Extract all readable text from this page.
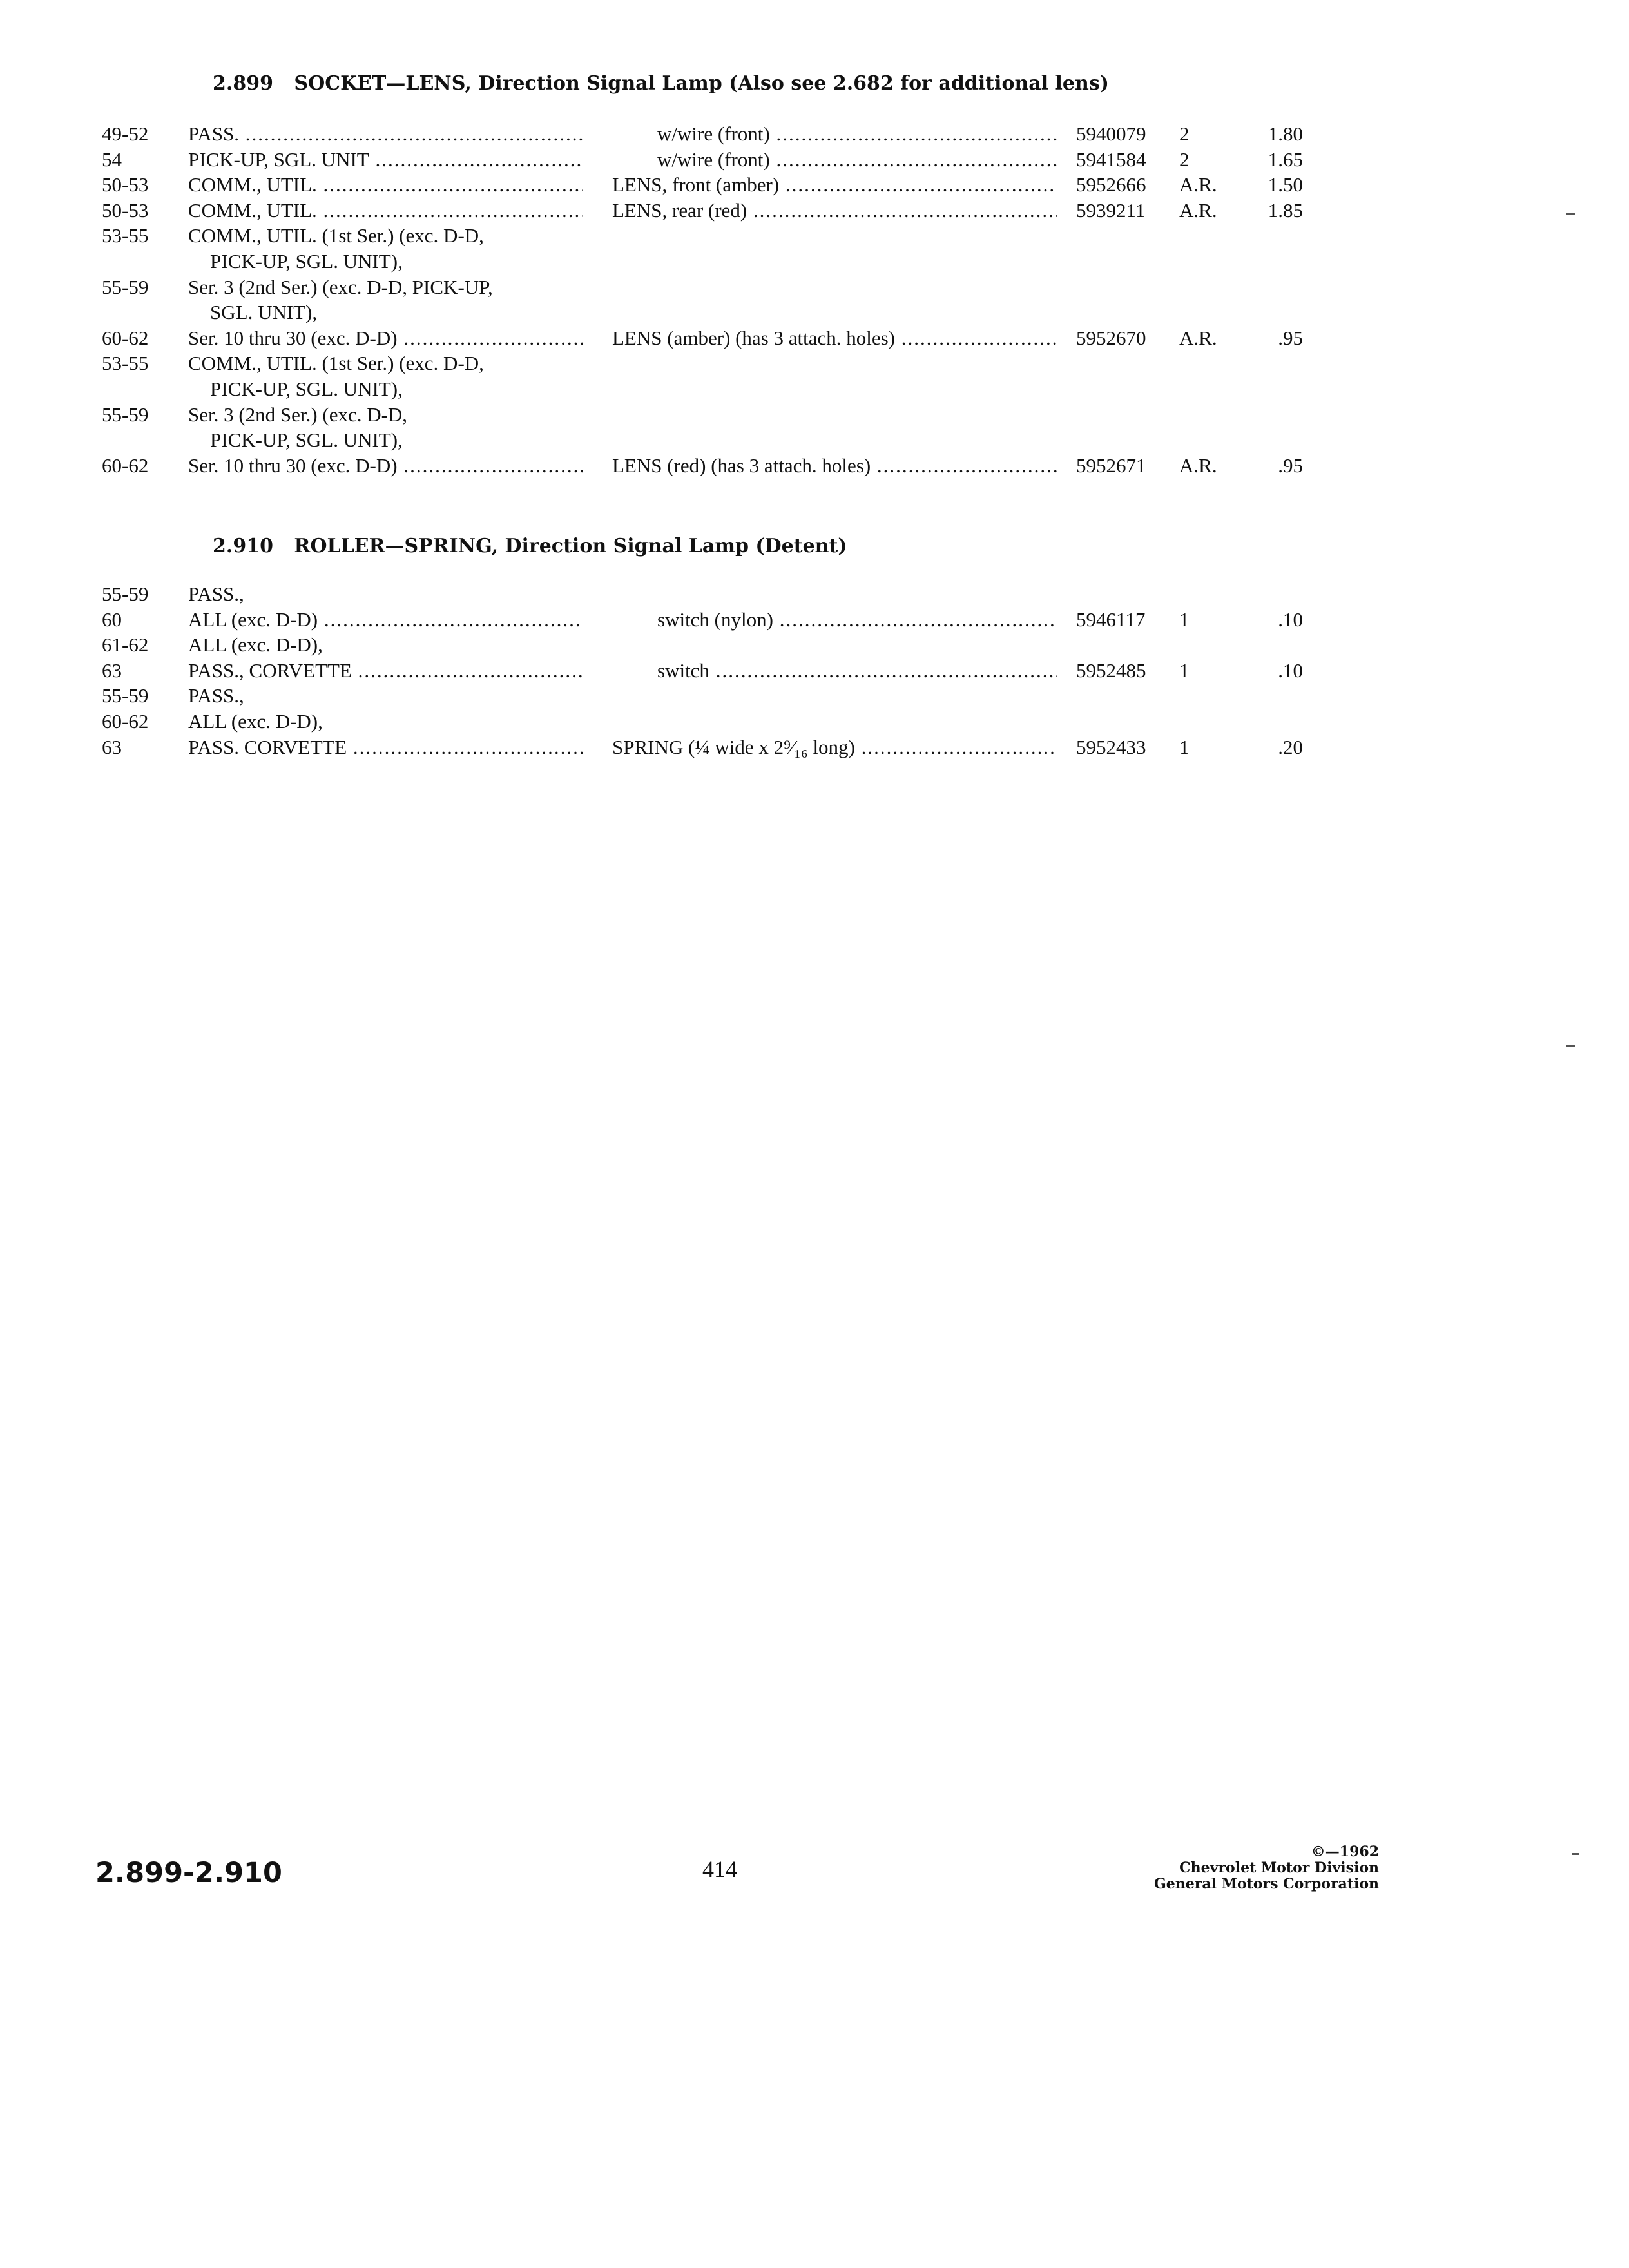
2.899 SOCKET—LENS, Direction Signal Lamp (Also see 2.682 for additional lens)
49-52	PASS. .....	w/wire (front) .....	5940079	2	1.80
54	PICK-UP, SGL. UNIT .....	w/wire (front) .....	5941584	2	1.65
50-53	COMM., UTIL. .....	LENS, front (amber) .....	5952666	A.R.	1.50
50-53	COMM., UTIL. .....	LENS, rear (red) .....	5939211	A.R.	1.85
53-55	COMM., UTIL. (1st Ser.) (exc. D-D,
PICK-UP, SGL. UNIT),
55-59	Ser. 3 (2nd Ser.) (exc. D-D, PICK-UP,
SGL. UNIT),
60-62	Ser. 10 thru 30 (exc. D-D) .....	LENS (amber) (has 3 attach. holes) .....	5952670	A.R.	.95
53-55	COMM., UTIL. (1st Ser.) (exc. D-D,
PICK-UP, SGL. UNIT),
55-59	Ser. 3 (2nd Ser.) (exc. D-D,
PICK-UP, SGL. UNIT),
60-62	Ser. 10 thru 30 (exc. D-D) .....	LENS (red) (has 3 attach. holes) .....	5952671	A.R.	.95
2.910 ROLLER—SPRING, Direction Signal Lamp (Detent)
55-59	PASS.,
60	ALL (exc. D-D) .....	switch (nylon) .....	5946117	1	.10
61-62	ALL (exc. D-D),
63	PASS., CORVETTE .....	switch .....	5952485	1	.10
55-59	PASS.,
60-62	ALL (exc. D-D),
63	PASS. CORVETTE .....	SPRING (¼ wide x 2⁹⁄₁₆ long) .....	5952433	1	.20
2.899-2.910	414
©—1962
Chevrolet Motor Division
General Motors Corporation
